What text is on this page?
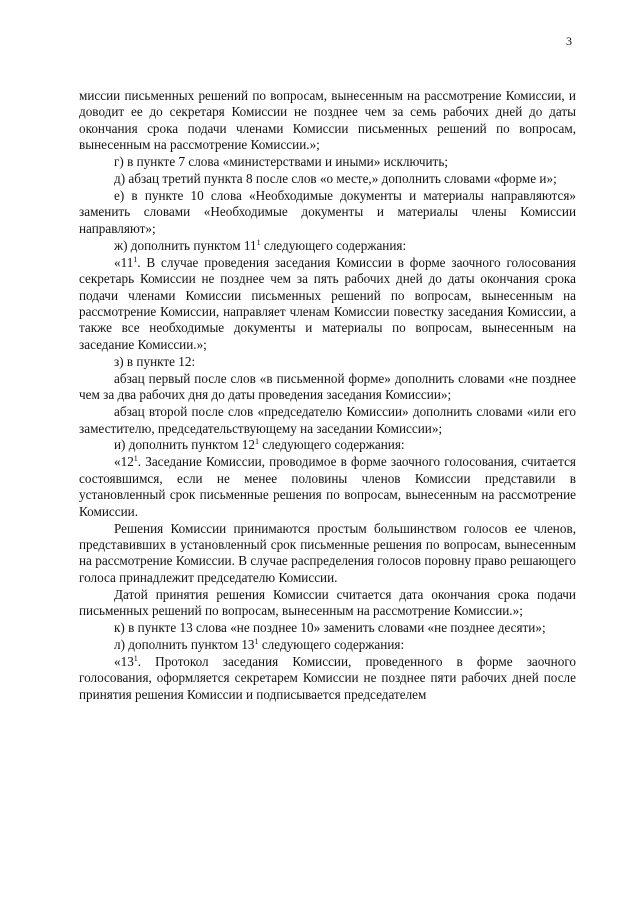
3

миссии письменных решений по вопросам, вынесенным на рассмотрение Комиссии, и доводит ее до секретаря Комиссии не позднее чем за семь рабочих дней до даты окончания срока подачи членами Комиссии письменных решений по вопросам, вынесенным на рассмотрение Комиссии.»;

г) в пункте 7 слова «министерствами и иными» исключить;

д) абзац третий пункта 8 после слов «о месте,» дополнить словами «форме и»;

е) в пункте 10 слова «Необходимые документы и материалы направляются» заменить словами «Необходимые документы и материалы члены Комиссии направляют»;

ж) дополнить пунктом $11^1$ следующего содержания:

«$11^1$. В случае проведения заседания Комиссии в форме заочного голосования секретарь Комиссии не позднее чем за пять рабочих дней до даты окончания срока подачи членами Комиссии письменных решений по вопросам, вынесенным на рассмотрение Комиссии, направляет членам Комиссии повестку заседания Комиссии, а также все необходимые документы и материалы по вопросам, вынесенным на заседание Комиссии.»;

з) в пункте 12:

абзац первый после слов «в письменной форме» дополнить словами «не позднее чем за два рабочих дня до даты проведения заседания Комиссии»;

абзац второй после слов «председателю Комиссии» дополнить словами «или его заместителю, председательствующему на заседании Комиссии»;

и) дополнить пунктом $12^1$ следующего содержания:

«$12^1$. Заседание Комиссии, проводимое в форме заочного голосования, считается состоявшимся, если не менее половины членов Комиссии представили в установленный срок письменные решения по вопросам, вынесенным на рассмотрение Комиссии.

Решения Комиссии принимаются простым большинством голосов ее членов, представивших в установленный срок письменные решения по вопросам, вынесенным на рассмотрение Комиссии. В случае распределения голосов поровну право решающего голоса принадлежит председателю Комиссии.

Датой принятия решения Комиссии считается дата окончания срока подачи письменных решений по вопросам, вынесенным на рассмотрение Комиссии.»;

к) в пункте 13 слова «не позднее 10» заменить словами «не позднее десяти»;

л) дополнить пунктом $13^1$ следующего содержания:

«$13^1$. Протокол заседания Комиссии, проведенного в форме заочного голосования, оформляется секретарем Комиссии не позднее пяти рабочих дней после принятия решения Комиссии и подписывается председателем
